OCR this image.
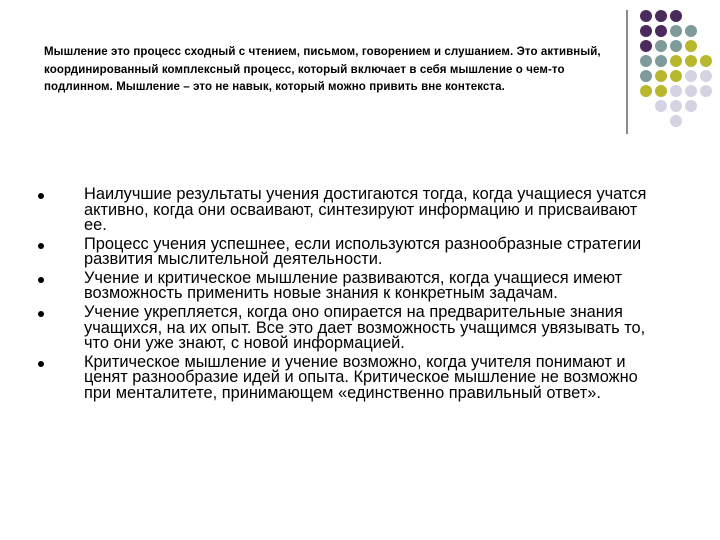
Мышление это процесс сходный с чтением, письмом, говорением и слушанием. Это активный, координированный комплексный процесс, который включает в себя мышление о чем-то подлинном. Мышление – это не навык, который можно привить вне контекста.
Наилучшие результаты учения достигаются тогда, когда учащиеся учатся активно, когда они осваивают, синтезируют информацию и присваивают ее.
Процесс учения успешнее, если используются разнообразные стратегии развития мыслительной деятельности.
Учение и критическое мышление развиваются, когда учащиеся имеют возможность применить новые знания к конкретным задачам.
Учение укрепляется, когда оно опирается на предварительные знания учащихся, на их опыт. Все это дает возможность учащимся увязывать то, что они уже знают, с новой информацией.
Критическое мышление и учение возможно, когда учителя понимают и ценят разнообразие идей и опыта. Критическое мышление не возможно при менталитете, принимающем «единственно правильный ответ».
